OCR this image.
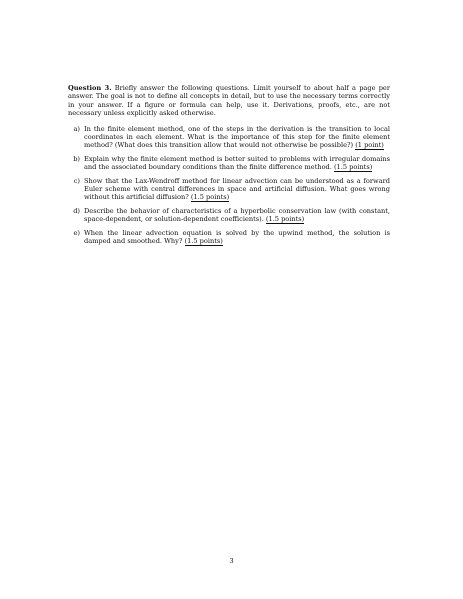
Question 3. Briefly answer the following questions. Limit yourself to about half a page per answer. The goal is not to define all concepts in detail, but to use the necessary terms correctly in your answer. If a figure or formula can help, use it. Derivations, proofs, etc., are not necessary unless explicitly asked otherwise.

a) In the finite element method, one of the steps in the derivation is the transition to local coordinates in each element. What is the importance of this step for the finite element method? (What does this transition allow that would not otherwise be possible?) (1 point)
b) Explain why the finite element method is better suited to problems with irregular domains and the associated boundary conditions than the finite difference method. (1.5 points)
c) Show that the Lax-Wendroff method for linear advection can be understood as a forward Euler scheme with central differences in space and artificial diffusion. What goes wrong without this artificial diffusion? (1.5 points)
d) Describe the behavior of characteristics of a hyperbolic conservation law (with constant, space-dependent, or solution-dependent coefficients). (1.5 points)
e) When the linear advection equation is solved by the upwind method, the solution is damped and smoothed. Why? (1.5 points)
3
